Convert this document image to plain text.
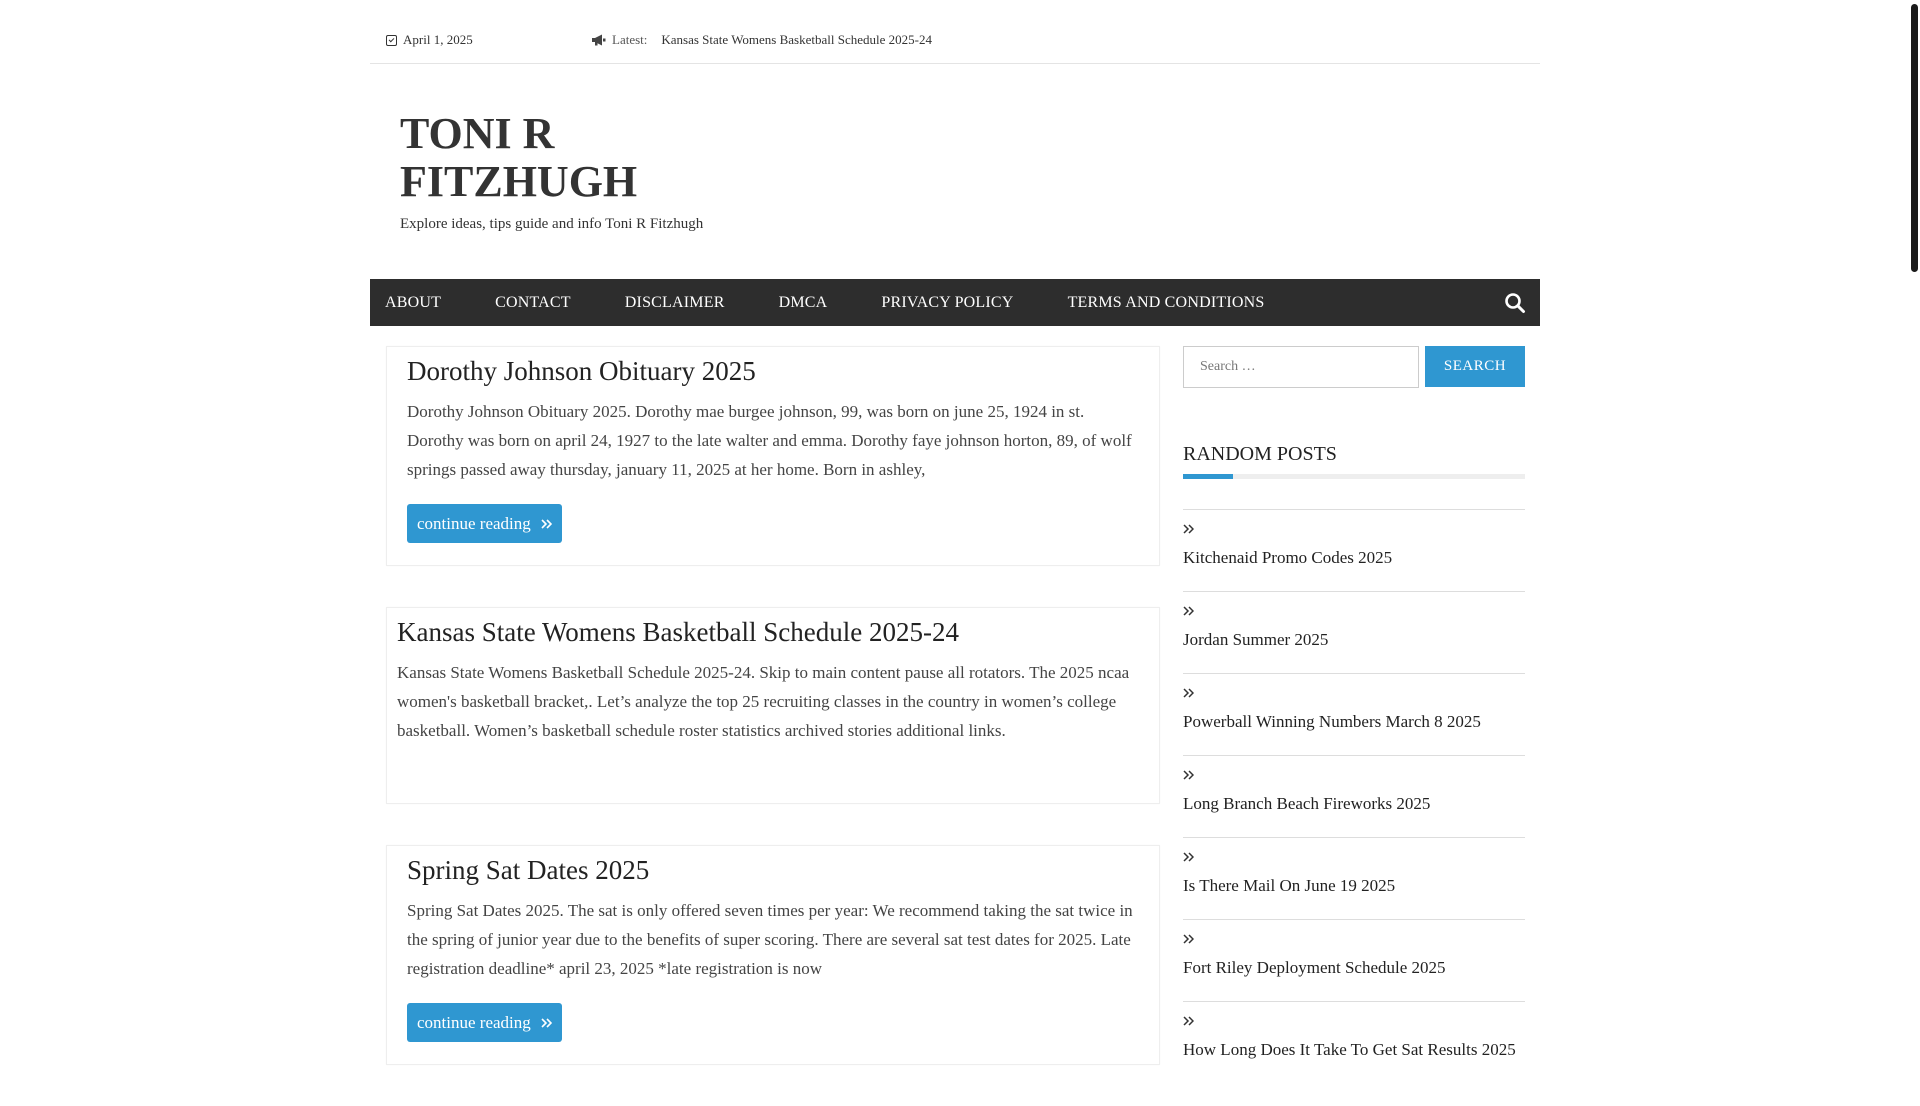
April 1, 2025	Latest: Kansas State Womens Basketball Schedule 2025-24
TONI R FITZHUGH
Explore ideas, tips guide and info Toni R Fitzhugh
ABOUT	CONTACT	DISCLAIMER	DMCA	PRIVACY POLICY	TERMS AND CONDITIONS
Dorothy Johnson Obituary 2025

Dorothy Johnson Obituary 2025. Dorothy mae burgee johnson, 99, was born on june 25, 1924 in st. Dorothy was born on april 24, 1927 to the late walter and emma. Dorothy faye johnson horton, 89, of wolf springs passed away thursday, january 11, 2025 at her home. Born in ashley,

continue reading
Kansas State Womens Basketball Schedule 2025-24

Kansas State Womens Basketball Schedule 2025-24. Skip to main content pause all rotators. The 2025 ncaa women's basketball bracket,. Let’s analyze the top 25 recruiting classes in the country in women’s college basketball. Women’s basketball schedule roster statistics archived stories additional links.

Spring Sat Dates 2025

Spring Sat Dates 2025. The sat is only offered seven times per year: We recommend taking the sat twice in the spring of junior year due to the benefits of super scoring. There are several sat test dates for 2025. Late registration deadline* april 23, 2025 *late registration is now

continue reading
Search …
SEARCH
RANDOM POSTS
Kitchenaid Promo Codes 2025
Jordan Summer 2025
Powerball Winning Numbers March 8 2025
Long Branch Beach Fireworks 2025
Is There Mail On June 19 2025
Fort Riley Deployment Schedule 2025
How Long Does It Take To Get Sat Results 2025
